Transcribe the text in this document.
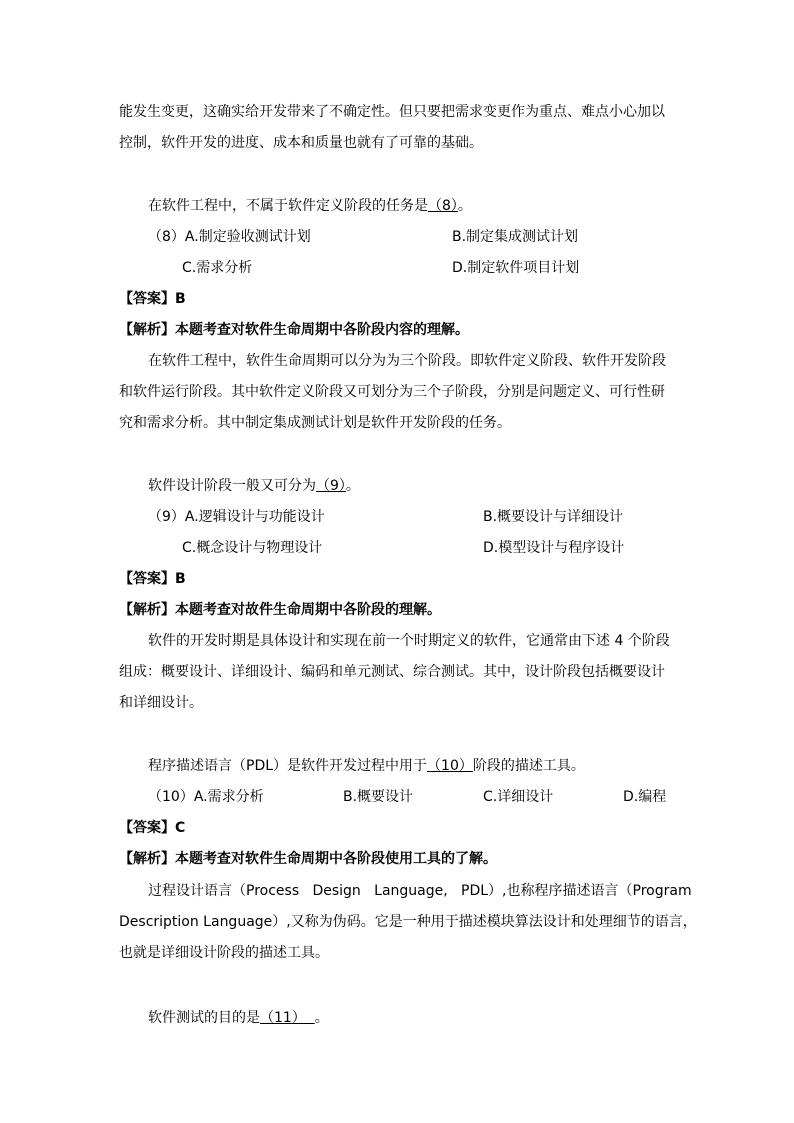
能发生变更，这确实给开发带来了不确定性。但只要把需求变更作为重点、难点小心加以
控制，软件开发的进度、成本和质量也就有了可靠的基础。
在软件工程中，不属于软件定义阶段的任务是（8）。
（8）A.制定验收测试计划	B.制定集成测试计划
C.需求分析	D.制定软件项目计划
【答案】B
【解析】本题考查对软件生命周期中各阶段内容的理解。
在软件工程中，软件生命周期可以分为为三个阶段。即软件定义阶段、软件开发阶段
和软件运行阶段。其中软件定义阶段又可划分为三个子阶段，分别是问题定义、可行性研
究和需求分析。其中制定集成测试计划是软件开发阶段的任务。
软件设计阶段一般又可分为（9）。
（9）A.逻辑设计与功能设计	B.概要设计与详细设计
C.概念设计与物理设计	D.模型设计与程序设计
【答案】B
【解析】本题考查对故件生命周期中各阶段的理解。
软件的开发时期是具体设计和实现在前一个时期定义的软件，它通常由下述 4 个阶段
组成：概要设计、详细设计、编码和单元测试、综合测试。其中，设计阶段包括概要设计
和详细设计。
程序描述语言（PDL）是软件开发过程中用于（10）阶段的描述工具。
（10）A.需求分析	B.概要设计	C.详细设计	D.编程
【答案】C
【解析】本题考查对软件生命周期中各阶段使用工具的了解。
过程设计语言（Process   Design   Language,   PDL）,也称程序描述语言（Program
Description Language）,又称为伪码。它是一种用于描述模块算法设计和处理细节的语言，
也就是详细设计阶段的描述工具。
软件测试的目的是（11）  。
